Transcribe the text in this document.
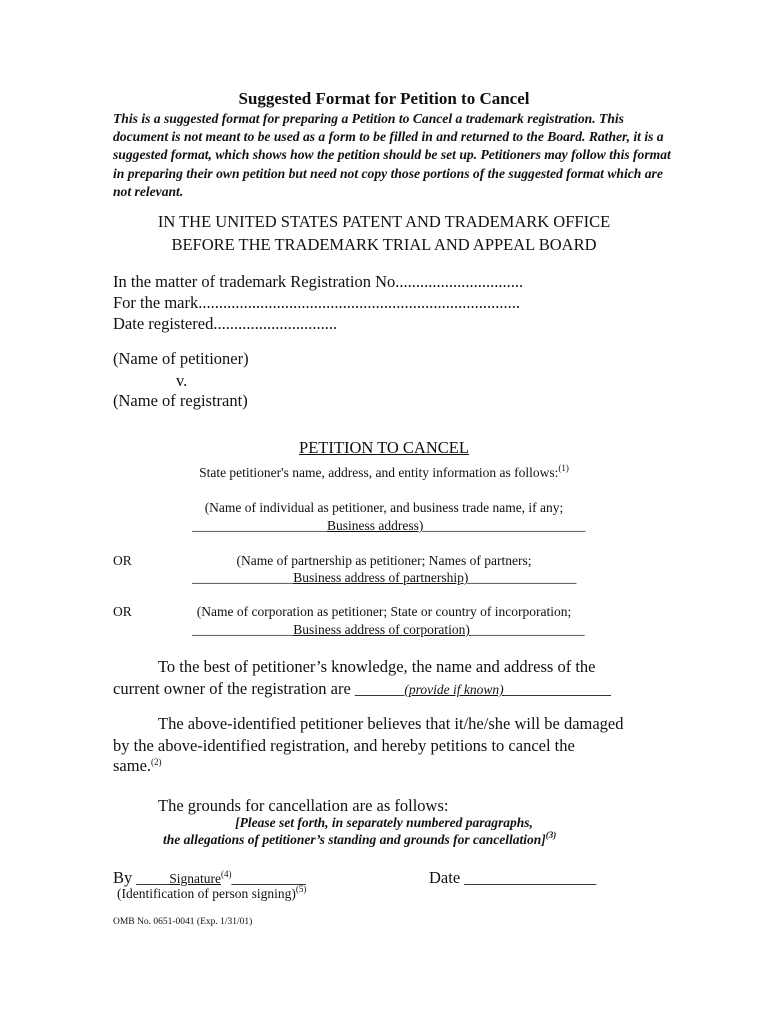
Suggested Format for Petition to Cancel
This is a suggested format for preparing a Petition to Cancel a trademark registration. This document is not meant to be used as a form to be filled in and returned to the Board. Rather, it is a suggested format, which shows how the petition should be set up. Petitioners may follow this format in preparing their own petition but need not copy those portions of the suggested format which are not relevant.
IN THE UNITED STATES PATENT AND TRADEMARK OFFICE
BEFORE THE TRADEMARK TRIAL AND APPEAL BOARD
In the matter of trademark Registration No...............................
For the mark..............................................................................
Date registered..............................
(Name of petitioner)
v.
(Name of registrant)
PETITION TO CANCEL
State petitioner's name, address, and entity information as follows:$^{(1)}$
(Name of individual as petitioner, and business trade name, if any;
____________________Business address)________________________
OR	(Name of partnership as petitioner; Names of partners;
_______________Business address of partnership)________________
OR	(Name of corporation as petitioner; State or country of incorporation;
_______________Business address of corporation)_________________
To the best of petitioner’s knowledge, the name and address of the
current owner of the registration are ______(provide if known)_____________
The above-identified petitioner believes that it/he/she will be damaged
by the above-identified registration, and hereby petitions to cancel the
same.$^{(2)}$
The grounds for cancellation are as follows:
[Please set forth, in separately numbered paragraphs,
the allegations of petitioner’s standing and grounds for cancellation]$^{(3)}$
By ____Signature$^{(4)}$_________
(Identification of person signing)$^{(5)}$
Date ________________
OMB No. 0651-0041 (Exp. 1/31/01)
